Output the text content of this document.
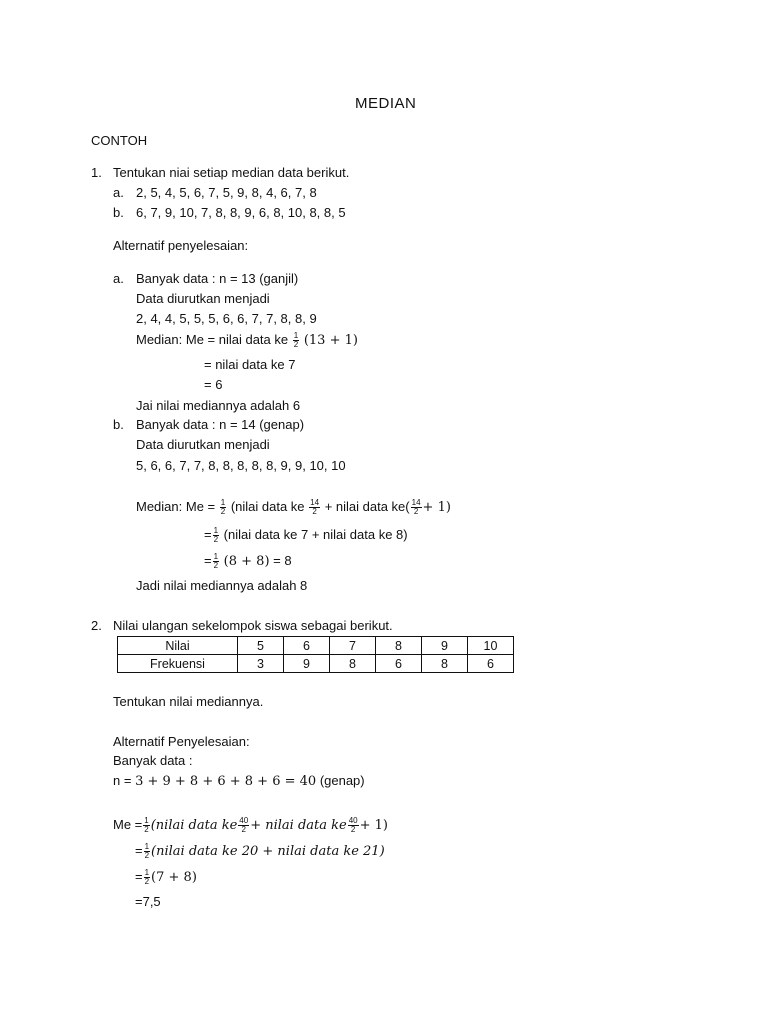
MEDIAN
CONTOH
1. Tentukan niai setiap median data berikut.
a. 2, 5, 4, 5, 6, 7, 5, 9, 8, 4, 6, 7, 8
b. 6, 7, 9, 10, 7, 8, 8, 9, 6, 8, 10, 8, 8, 5
Alternatif penyelesaian:
a. Banyak data : n = 13 (ganjil)
Data diurutkan menjadi
2, 4, 4, 5, 5, 5, 6, 6, 7, 7, 8, 8, 9
Median: Me = nilai data ke $\frac{1}{2} (13 + 1)$
= nilai data ke 7
= 6
Jai nilai mediannya adalah 6
b. Banyak data : n = 14 (genap)
Data diurutkan menjadi
5, 6, 6, 7, 7, 8, 8, 8, 8, 8, 9, 9, 10, 10
Median: $Me = \frac{1}{2}$ (nilai data ke $\frac{14}{2}$ + nilai data $ke( \frac{14}{2} + 1)$
= $\frac{1}{2}$ (nilai data ke 7 + nilai data ke 8)
= $\frac{1}{2} (8 + 8) = 8$
Jadi nilai mediannya adalah 8
2. Nilai ulangan sekelompok siswa sebagai berikut.
Nilai	5	6	7	8	9	10
Frekuensi	3	9	8	6	8	6
Tentukan nilai mediannya.
Alternatif Penyelesaian:
Banyak data :
n = 3 + 9 + 8 + 6 + 8 + 6 = 40 (genap)
$Me = \frac{1}{2}$ (nilai data ke $\frac{40}{2}$ + nilai data ke $\frac{40}{2} + 1$)
= $\frac{1}{2}$ (nilai data ke 20 + nilai data ke 21)
= $\frac{1}{2} (7 + 8)$
=7,5
